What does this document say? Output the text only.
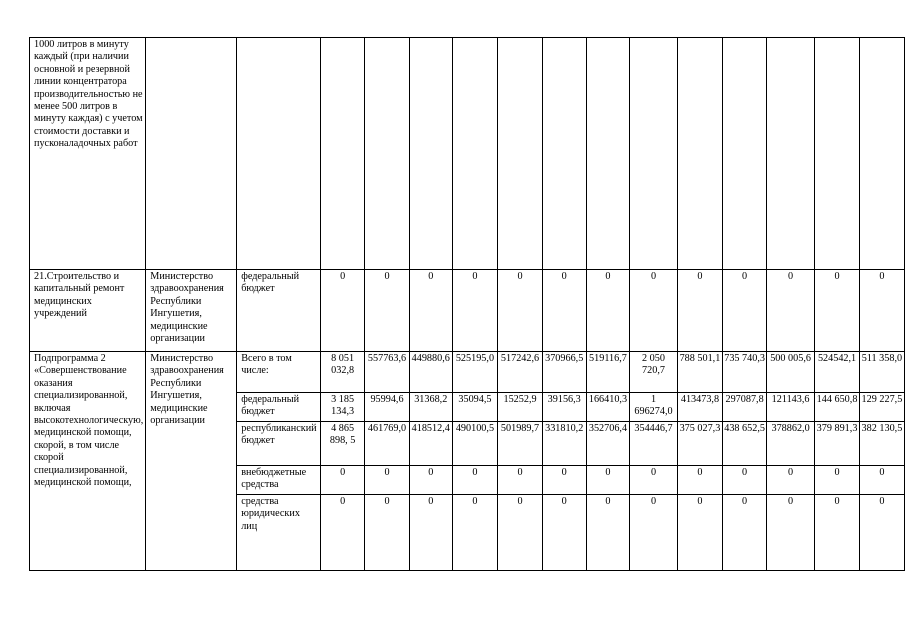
1000 литров в минуту каждый (при наличии основной и резервной линии концентратора производительностью не менее 500 литров в минуту каждая) с учетом стоимости доставки и пусконаладочных работ															
21.Строительство и капитальный ремонт медицинских учреждений	Министерство здравоохранения Республики Ингушетия, медицинские организации	федеральный бюджет	0	0	0	0	0	0	0	0	0	0	0	0	0
Подпрограмма 2 «Совершенствование оказания специализированной, включая высокотехнологическую, медицинской помощи, скорой, в том числе скорой специализированной, медицинской помощи,	Министерство здравоохранения Республики Ингушетия, медицинские организации	Всего в том числе:	8 051 032,8	557763,6	449880,6	525195,0	517242,6	370966,5	519116,7	2 050 720,7	788 501,1	735 740,3	500 005,6	524542,1	511 358,0
		федеральный бюджет	3 185 134,3	95994,6	31368,2	35094,5	15252,9	39156,3	166410,3	1 696274,0	413473,8	297087,8	121143,6	144 650,8	129 227,5
		республиканский бюджет	4 865 898, 5	461769,0	418512,4	490100,5	501989,7	331810,2	352706,4	354446,7	375 027,3	438 652,5	378862,0	379 891,3	382 130,5
		внебюджетные средства	0	0	0	0	0	0	0	0	0	0	0	0	0
		средства юридических лиц	0	0	0	0	0	0	0	0	0	0	0	0	0
